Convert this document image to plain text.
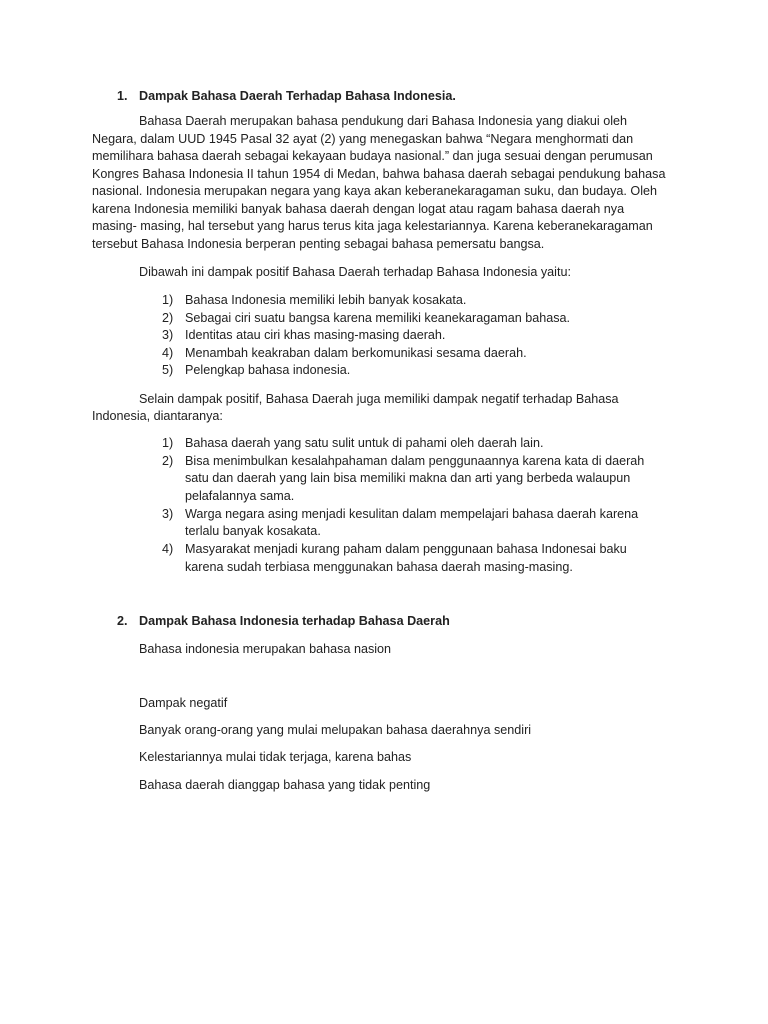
1. Dampak Bahasa Daerah Terhadap Bahasa Indonesia.
Bahasa Daerah merupakan bahasa pendukung dari Bahasa Indonesia yang diakui oleh
Negara, dalam UUD 1945 Pasal 32 ayat (2) yang menegaskan bahwa “Negara menghormati dan
memilihara bahasa daerah sebagai kekayaan budaya nasional.” dan juga sesuai dengan perumusan
Kongres Bahasa Indonesia II tahun 1954 di Medan, bahwa bahasa daerah sebagai pendukung bahasa
nasional. Indonesia merupakan negara yang kaya akan keberanekaragaman suku, dan budaya. Oleh
karena Indonesia memiliki banyak bahasa daerah dengan logat atau ragam bahasa daerah nya
masing- masing, hal tersebut yang harus terus kita jaga kelestariannya. Karena keberanekaragaman
tersebut Bahasa Indonesia berperan penting sebagai bahasa pemersatu bangsa.
Dibawah ini dampak positif Bahasa Daerah terhadap Bahasa Indonesia yaitu:
1) Bahasa Indonesia memiliki lebih banyak kosakata.
2) Sebagai ciri suatu bangsa karena memiliki keanekaragaman bahasa.
3) Identitas atau ciri khas masing-masing daerah.
4) Menambah keakraban dalam berkomunikasi sesama daerah.
5) Pelengkap bahasa indonesia.
Selain dampak positif, Bahasa Daerah juga memiliki dampak negatif terhadap Bahasa
Indonesia, diantaranya:
1) Bahasa daerah yang satu sulit untuk di pahami oleh daerah lain.
2) Bisa menimbulkan kesalahpahaman dalam penggunaannya karena kata di daerah
satu dan daerah yang lain bisa memiliki makna dan arti yang berbeda walaupun
pelafalannya sama.
3) Warga negara asing menjadi kesulitan dalam mempelajari bahasa daerah karena
terlalu banyak kosakata.
4) Masyarakat menjadi kurang paham dalam penggunaan bahasa Indonesai baku
karena sudah terbiasa menggunakan bahasa daerah masing-masing.
2. Dampak Bahasa Indonesia terhadap Bahasa Daerah
Bahasa indonesia merupakan bahasa nasion
Dampak negatif
Banyak orang-orang yang mulai melupakan bahasa daerahnya sendiri
Kelestariannya mulai tidak terjaga, karena bahas
Bahasa daerah dianggap bahasa yang tidak penting
